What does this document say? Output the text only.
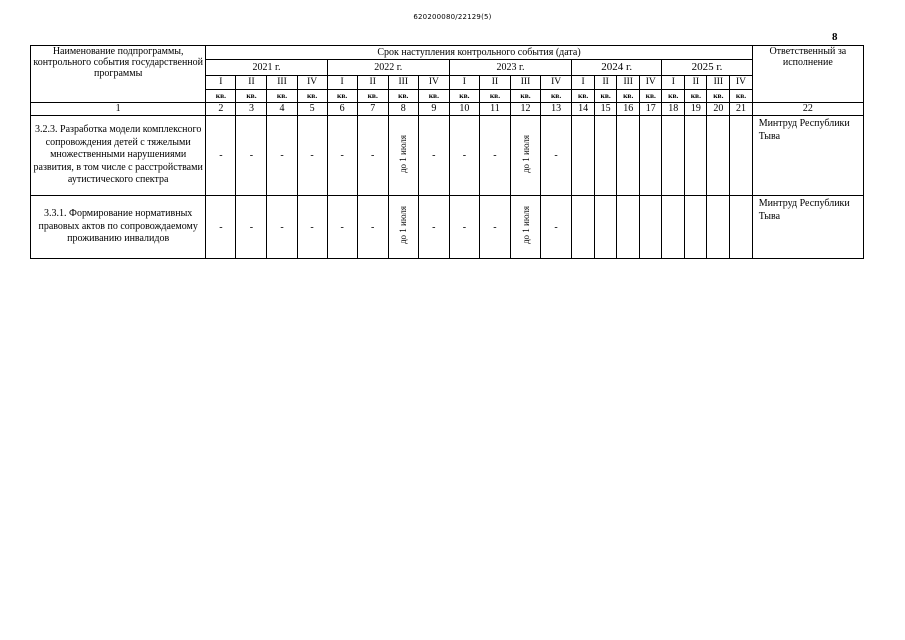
620200080/22129(5)
8
Наименование подпрограммы, контрольного события государственной программы	Срок наступления контрольного события (дата)																				Ответственный за исполнение
	2021 г.				2022 г.				2023 г.				2024 г.				2025 г.				
	I	II	III	IV	I	II	III	IV	I	II	III	IV	I	II	III	IV	I	II	III	IV	
	кв.	кв.	кв.	кв.	кв.	кв.	кв.	кв.	кв.	кв.	кв.	кв.	кв.	кв.	кв.	кв.	кв.	кв.	кв.	кв.	
1	2	3	4	5	6	7	8	9	10	11	12	13	14	15	16	17	18	19	20	21	22
3.2.3. Разработка модели комплексного сопровождения детей с тяжелыми множественными нарушениями развития, в том числе с расстройствами аутистического спектра	-	-	-	-	-	-	до 1 июля	-	-	-	до 1 июля	-									Минтруд Республики Тыва
3.3.1. Формирование нормативных правовых актов по сопровождаемому проживанию инвалидов	-	-	-	-	-	-	до 1 июля	-	-	-	до 1 июля	-									Минтруд Республики Тыва
